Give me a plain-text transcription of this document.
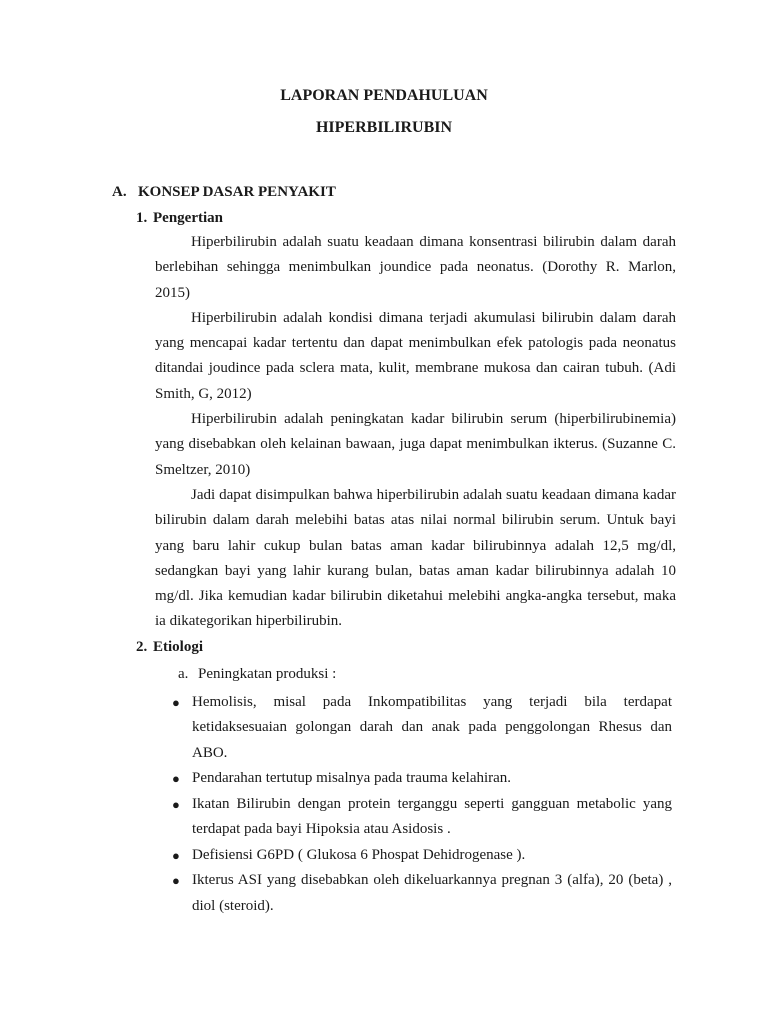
LAPORAN PENDAHULUAN
HIPERBILIRUBIN
A. KONSEP DASAR PENYAKIT
1. Pengertian

Hiperbilirubin adalah suatu keadaan dimana konsentrasi bilirubin dalam darah berlebihan sehingga menimbulkan joundice pada neonatus. (Dorothy R. Marlon, 2015)

Hiperbilirubin adalah kondisi dimana terjadi akumulasi bilirubin dalam darah yang mencapai kadar tertentu dan dapat menimbulkan efek patologis pada neonatus ditandai joudince pada sclera mata, kulit, membrane mukosa dan cairan tubuh. (Adi Smith, G, 2012)

Hiperbilirubin adalah peningkatan kadar bilirubin serum (hiperbilirubinemia) yang disebabkan oleh kelainan bawaan, juga dapat menimbulkan ikterus. (Suzanne C. Smeltzer, 2010)

Jadi dapat disimpulkan bahwa hiperbilirubin adalah suatu keadaan dimana kadar bilirubin dalam darah melebihi batas atas nilai normal bilirubin serum. Untuk bayi yang baru lahir cukup bulan batas aman kadar bilirubinnya adalah 12,5 mg/dl, sedangkan bayi yang lahir kurang bulan, batas aman kadar bilirubinnya adalah 10 mg/dl. Jika kemudian kadar bilirubin diketahui melebihi angka-angka tersebut, maka ia dikategorikan hiperbilirubin.

2. Etiologi
a. Peningkatan produksi :
● Hemolisis, misal pada Inkompatibilitas yang terjadi bila terdapat ketidaksesuaian golongan darah dan anak pada penggolongan Rhesus dan ABO.
● Pendarahan tertutup misalnya pada trauma kelahiran.
● Ikatan Bilirubin dengan protein terganggu seperti gangguan metabolic yang terdapat pada bayi Hipoksia atau Asidosis .
● Defisiensi G6PD ( Glukosa 6 Phospat Dehidrogenase ).
● Ikterus ASI yang disebabkan oleh dikeluarkannya pregnan 3 (alfa), 20 (beta) , diol (steroid).
